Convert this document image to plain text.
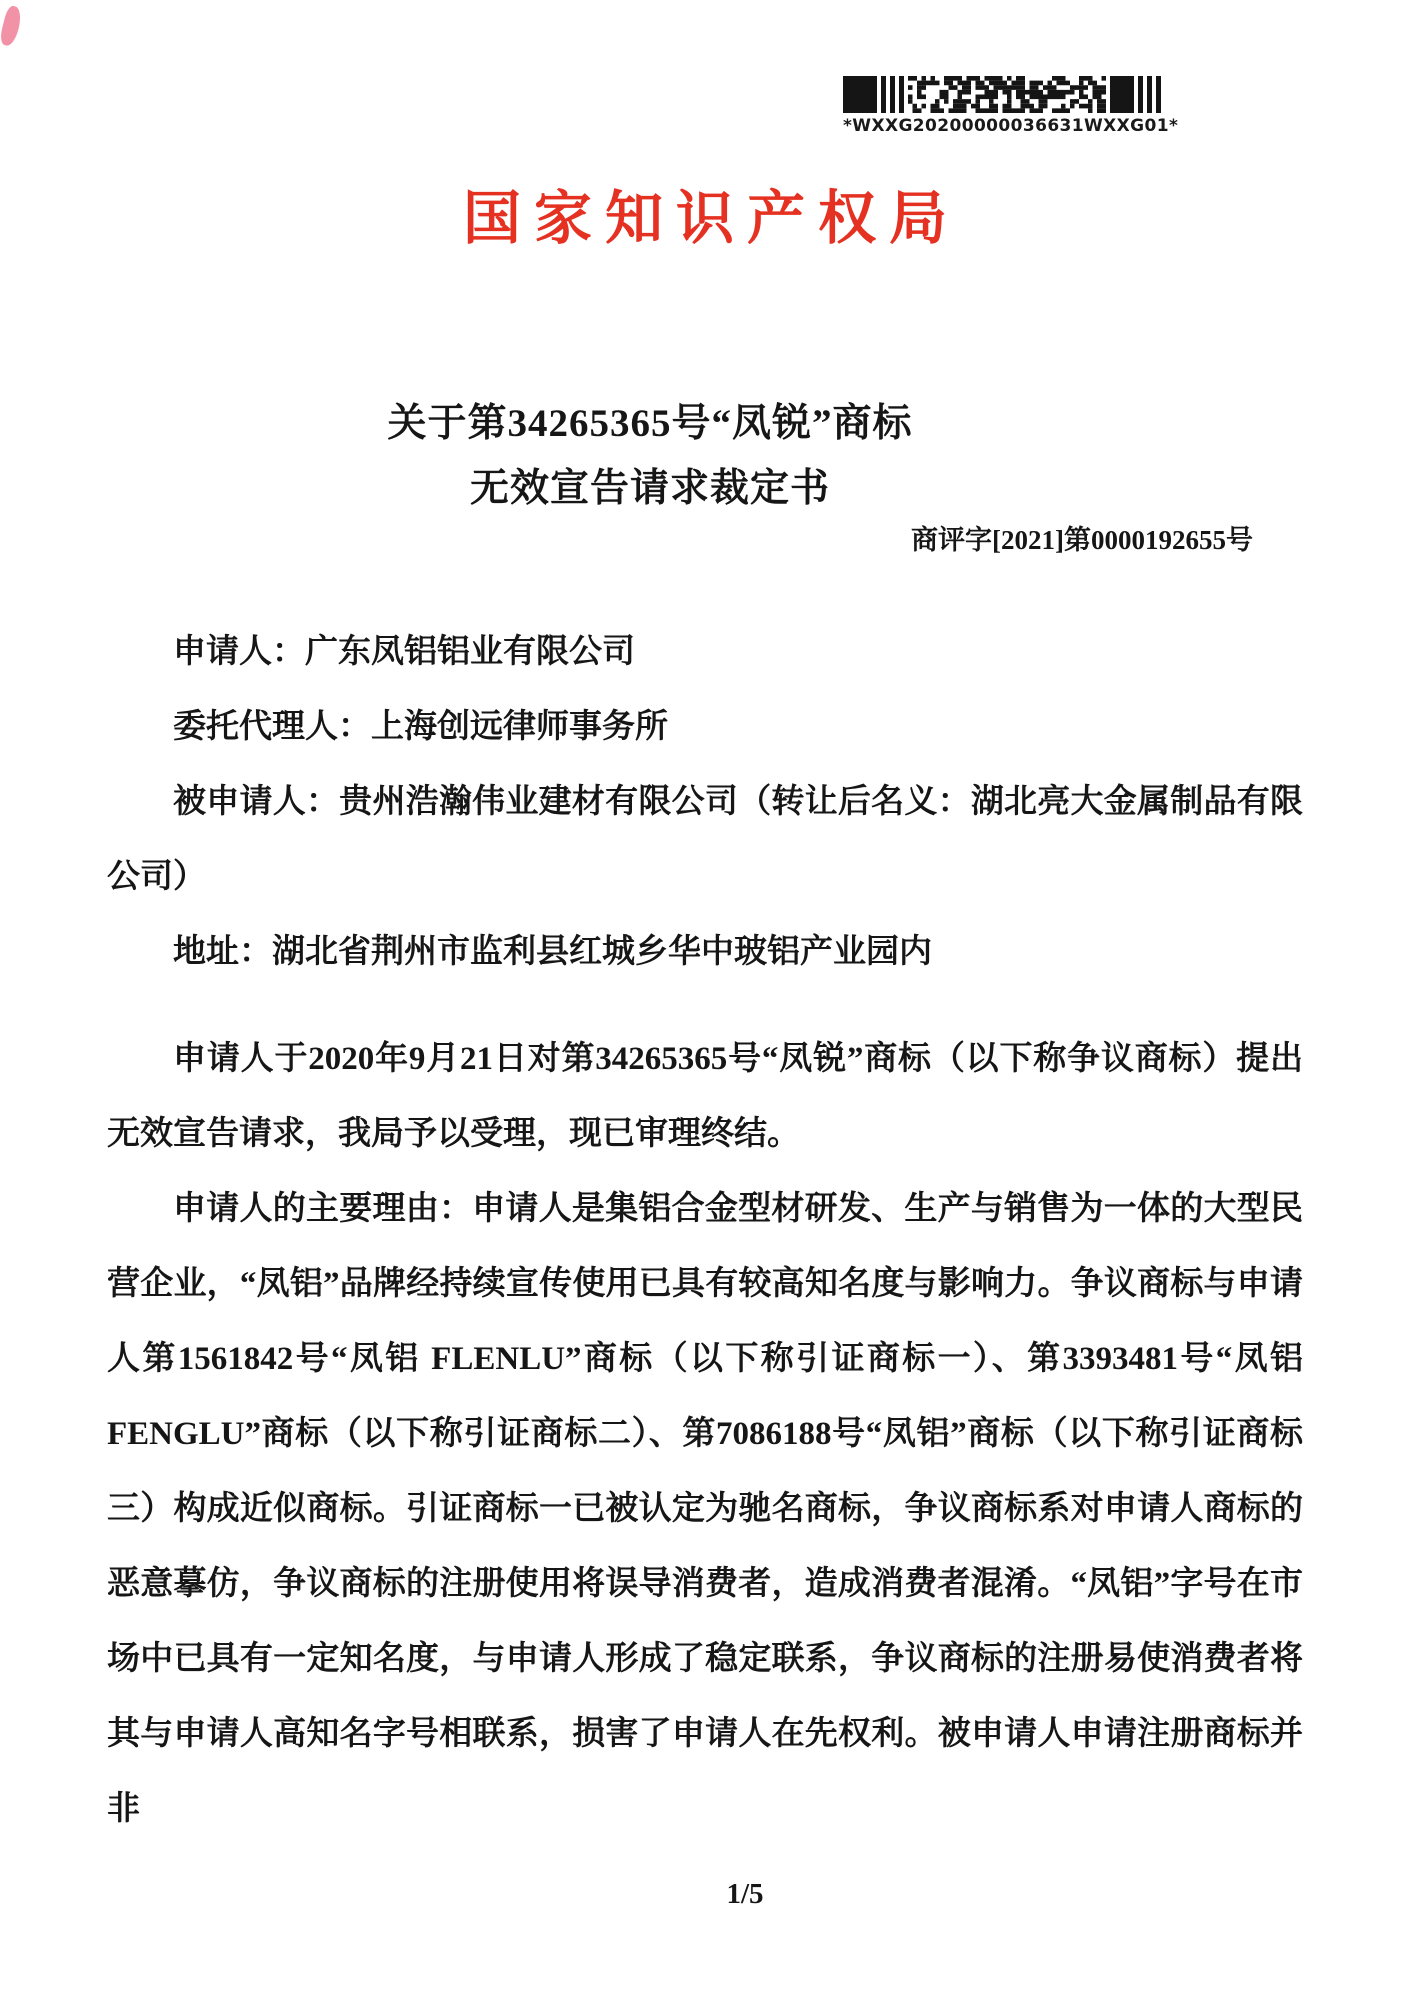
*WXXG20200000036631WXXG01*
国家知识产权局
关于第34265365号“凤锐”商标
无效宣告请求裁定书
商评字[2021]第0000192655号
申请人：广东凤铝铝业有限公司
委托代理人：上海创远律师事务所
被申请人：贵州浩瀚伟业建材有限公司（转让后名义：湖北亮大金属制品有限公司）
地址：湖北省荆州市监利县红城乡华中玻铝产业园内
申请人于2020年9月21日对第34265365号“凤锐”商标（以下称争议商标）提出无效宣告请求，我局予以受理，现已审理终结。
申请人的主要理由：申请人是集铝合金型材研发、生产与销售为一体的大型民营企业，“凤铝”品牌经持续宣传使用已具有较高知名度与影响力。争议商标与申请人第1561842号“凤铝 FLENLU”商标（以下称引证商标一）、第3393481号“凤铝 FENGLU”商标（以下称引证商标二）、第7086188号“凤铝”商标（以下称引证商标三）构成近似商标。引证商标一已被认定为驰名商标，争议商标系对申请人商标的恶意摹仿，争议商标的注册使用将误导消费者，造成消费者混淆。“凤铝”字号在市场中已具有一定知名度，与申请人形成了稳定联系，争议商标的注册易使消费者将其与申请人高知名字号相联系，损害了申请人在先权利。被申请人申请注册商标并非
1/5
